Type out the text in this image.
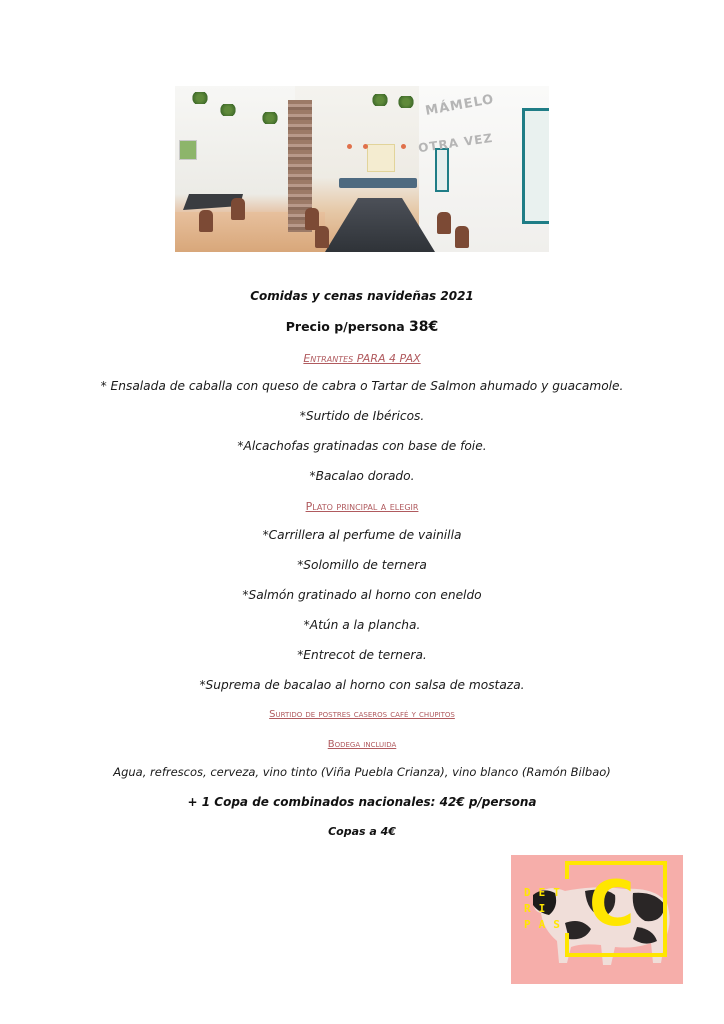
MÁMELO
OTRA VEZ
Comidas y cenas navideñas 2021
Precio p/persona 38€
Entrantes PARA 4 PAX
* Ensalada de caballa con queso de cabra o Tartar de Salmon ahumado y guacamole.
*Surtido de Ibéricos.
*Alcachofas gratinadas con base de foie.
*Bacalao dorado.
Plato principal a elegir
*Carrillera al perfume de vainilla
*Solomillo de ternera
*Salmón gratinado al horno con eneldo
*Atún a la plancha.
*Entrecot de ternera.
*Suprema de bacalao al horno con salsa de mostaza.
Surtido de postres caseros café y chupitos
Bodega incluida
Agua, refrescos, cerveza, vino tinto (Viña Puebla Crianza), vino blanco (Ramón Bilbao)
+ 1 Copa de combinados nacionales: 42€ p/persona
Copas a 4€
C
DET
RI
PAS
